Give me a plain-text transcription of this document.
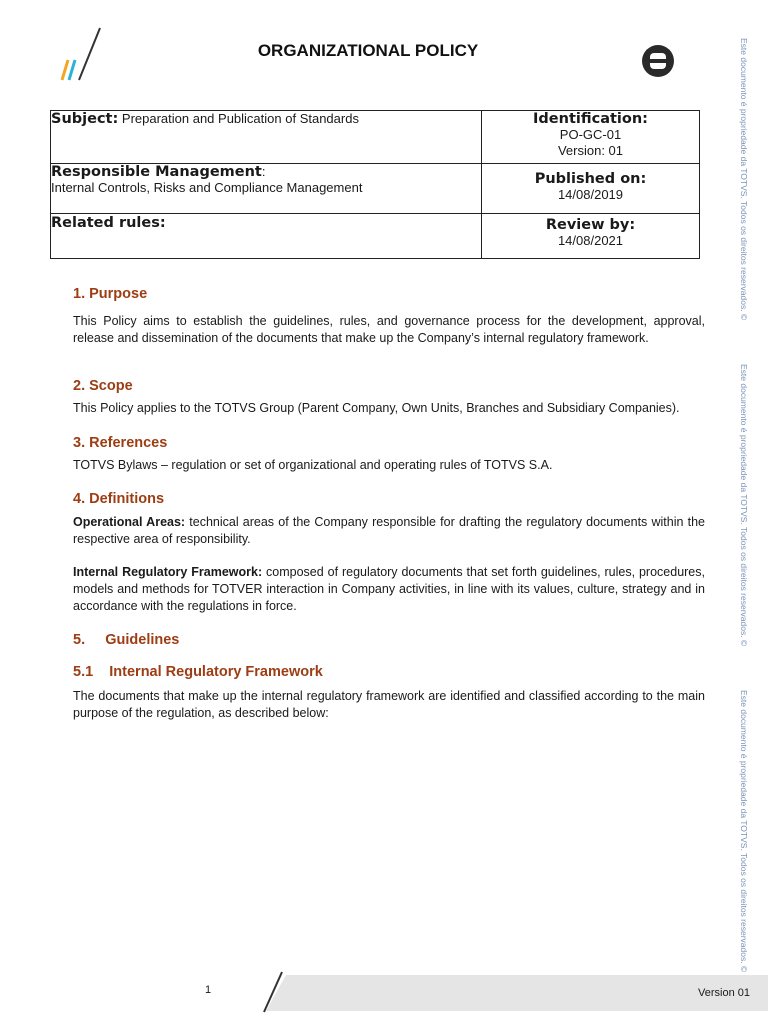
ORGANIZATIONAL POLICY
Subject: Preparation and Publication of Standards	Identification:
PO-GC-01
Version: 01

Responsible Management:
Internal Controls, Risks and Compliance Management	Published on:
14/08/2019

Related rules:	Review by:
14/08/2021
1. Purpose

This Policy aims to establish the guidelines, rules, and governance process for the development, approval, release and dissemination of the documents that make up the Company’s internal regulatory framework.

2. Scope

This Policy applies to the TOTVS Group (Parent Company, Own Units, Branches and Subsidiary Companies).

3. References

TOTVS Bylaws – regulation or set of organizational and operating rules of TOTVS S.A.

4. Definitions

Operational Areas: technical areas of the Company responsible for drafting the regulatory documents within the respective area of responsibility.

Internal Regulatory Framework: composed of regulatory documents that set forth guidelines, rules, procedures, models and methods for TOTVER interaction in Company activities, in line with its values, culture, strategy and in accordance with the regulations in force.

5.     Guidelines
5.1    Internal Regulatory Framework

The documents that make up the internal regulatory framework are identified and classified according to the main purpose of the regulation, as described below:

Este documento é propriedade da TOTVS. Todos os direitos reservados. ©
Este documento é propriedade da TOTVS. Todos os direitos reservados. ©
Este documento é propriedade da TOTVS. Todos os direitos reservados. ©
1	Version 01
